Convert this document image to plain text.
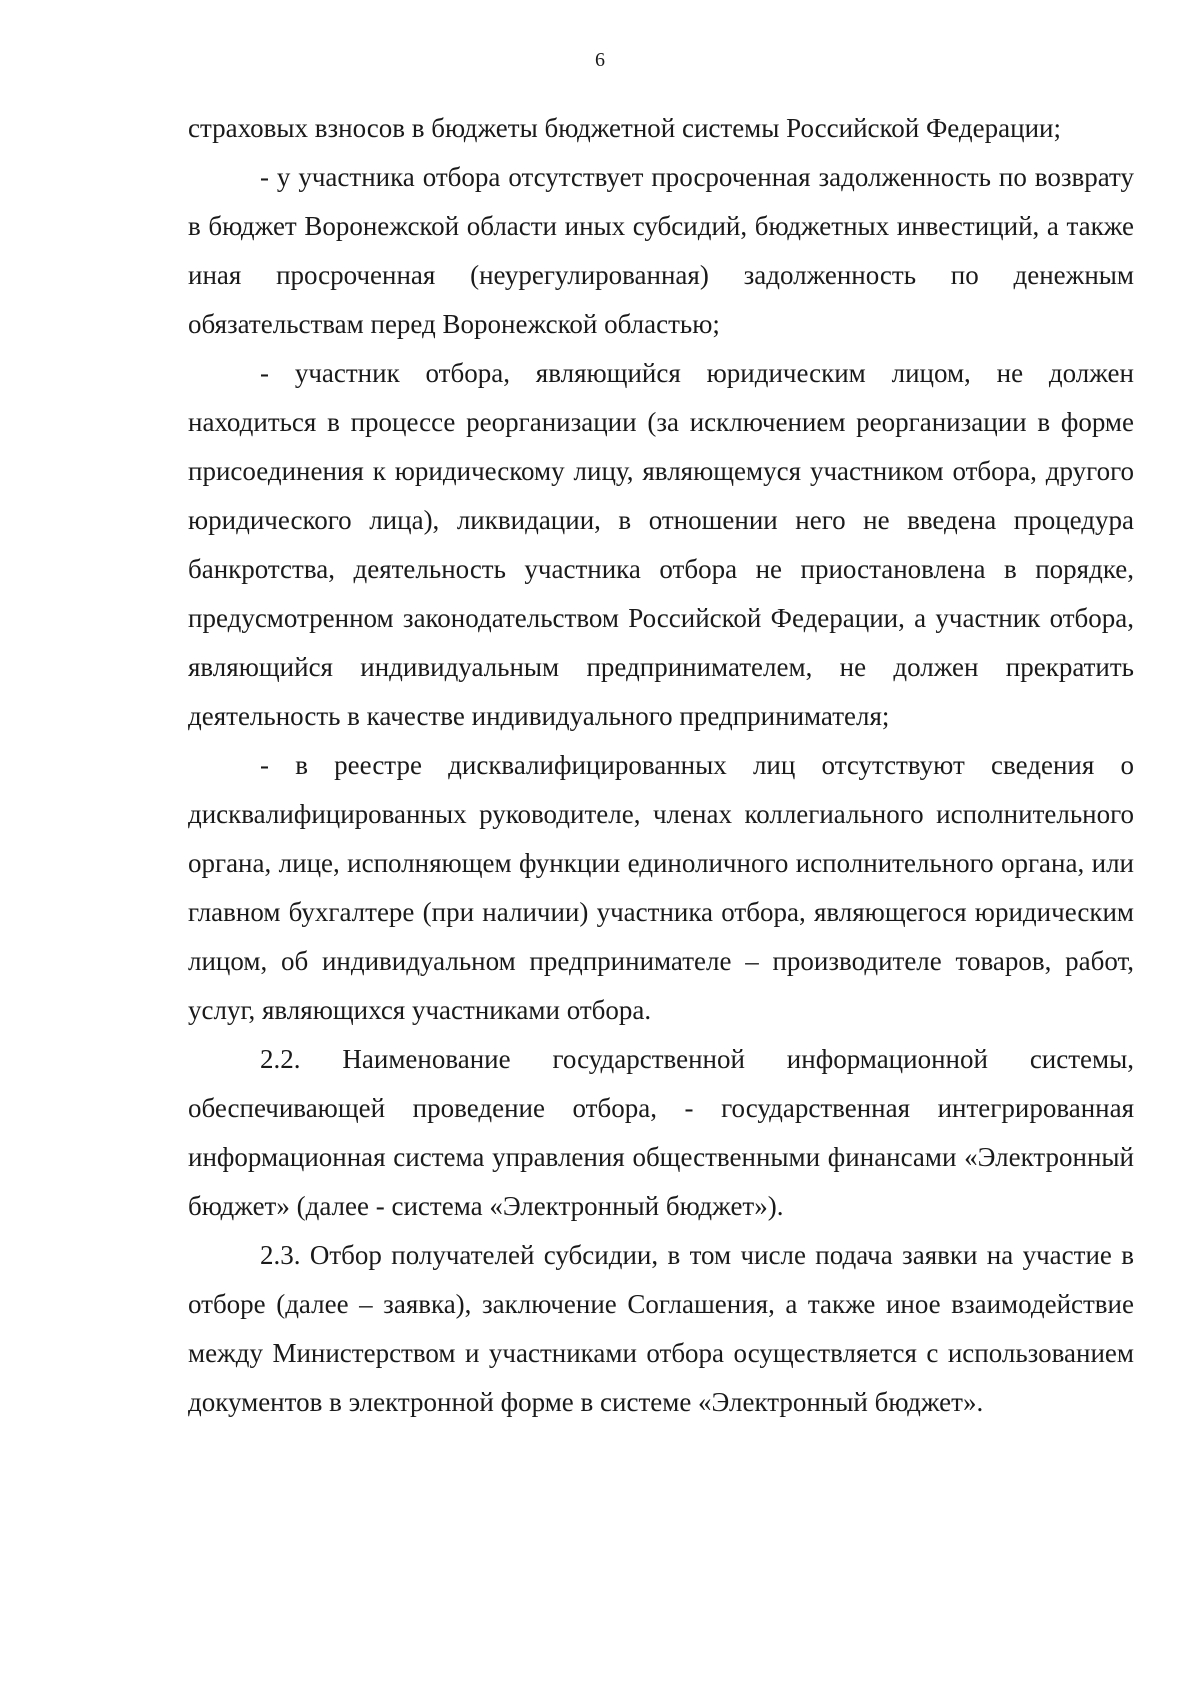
6

страховых взносов в бюджеты бюджетной системы Российской Федерации;

- у участника отбора отсутствует просроченная задолженность по возврату в бюджет Воронежской области иных субсидий, бюджетных инвестиций, а также иная просроченная (неурегулированная) задолженность по денежным обязательствам перед Воронежской областью;

- участник отбора, являющийся юридическим лицом, не должен находиться в процессе реорганизации (за исключением реорганизации в форме присоединения к юридическому лицу, являющемуся участником отбора, другого юридического лица), ликвидации, в отношении него не введена процедура банкротства, деятельность участника отбора не приостановлена в порядке, предусмотренном законодательством Российской Федерации, а участник отбора, являющийся индивидуальным предпринимателем, не должен прекратить деятельность в качестве индивидуального предпринимателя;

- в реестре дисквалифицированных лиц отсутствуют сведения о дисквалифицированных руководителе, членах коллегиального исполнительного органа, лице, исполняющем функции единоличного исполнительного органа, или главном бухгалтере (при наличии) участника отбора, являющегося юридическим лицом, об индивидуальном предпринимателе – производителе товаров, работ, услуг, являющихся участниками отбора.

2.2. Наименование государственной информационной системы, обеспечивающей проведение отбора, - государственная интегрированная информационная система управления общественными финансами «Электронный бюджет» (далее - система «Электронный бюджет»).

2.3. Отбор получателей субсидии, в том числе подача заявки на участие в отборе (далее – заявка), заключение Соглашения, а также иное взаимодействие между Министерством и участниками отбора осуществляется с использованием документов в электронной форме в системе «Электронный бюджет».
